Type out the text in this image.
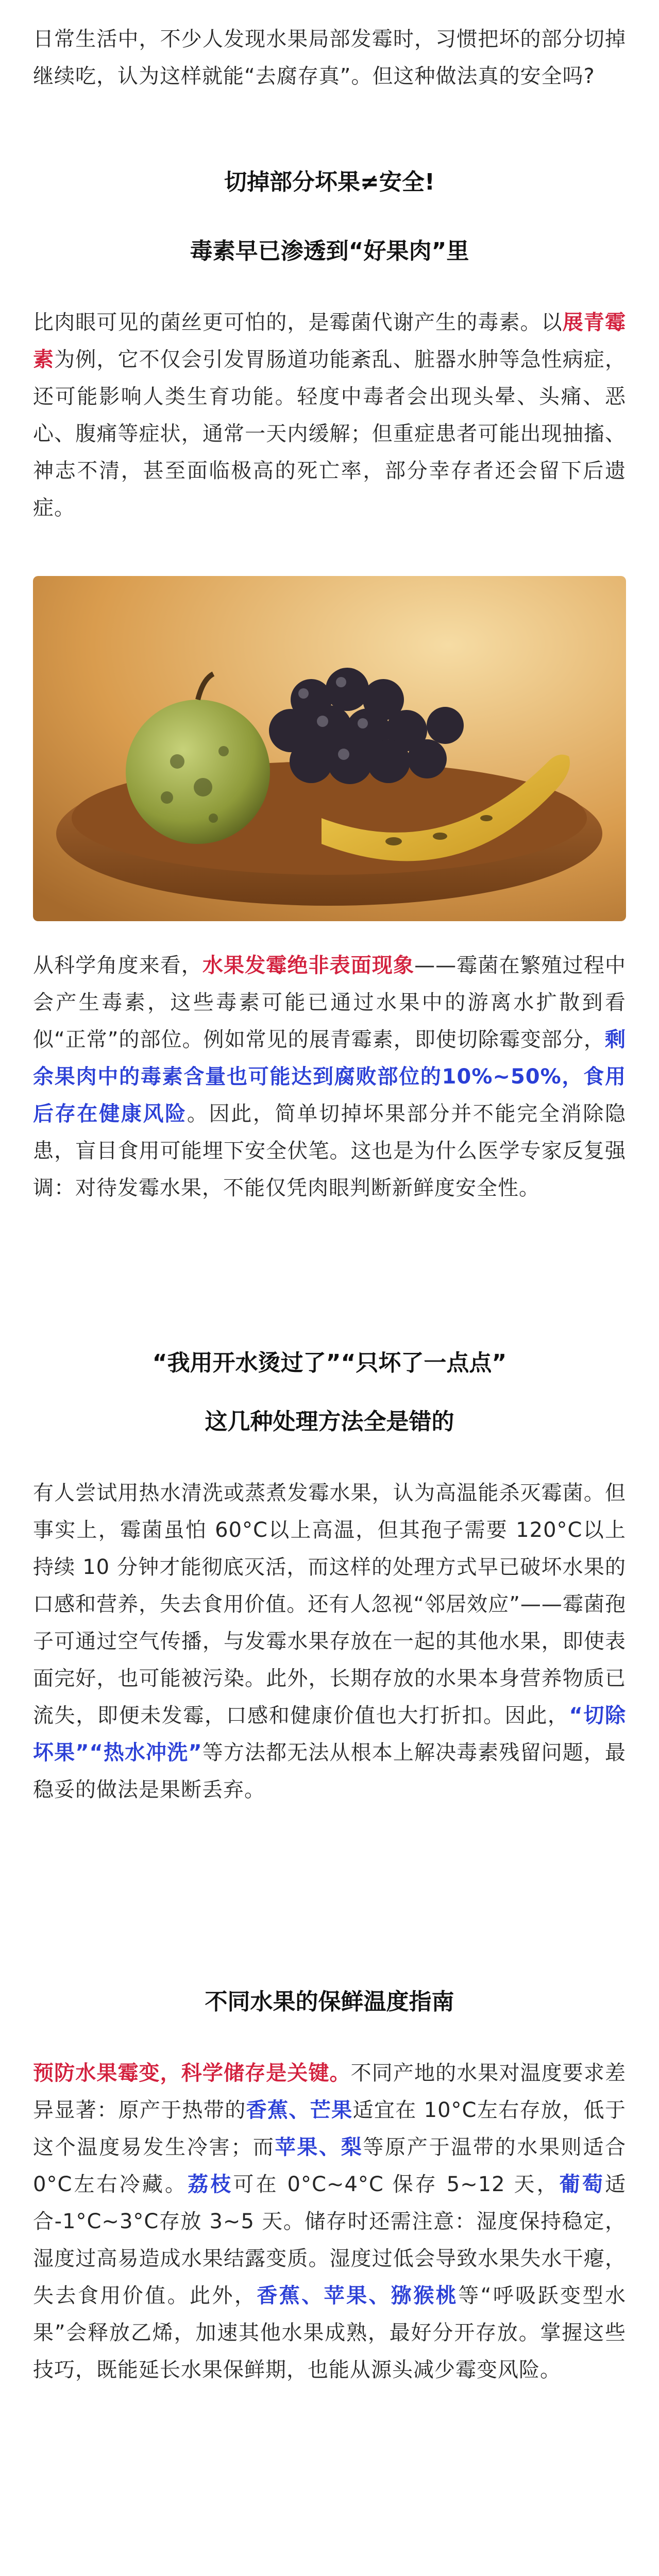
日常生活中，不少人发现水果局部发霉时，习惯把坏的部分切掉继续吃，认为这样就能“去腐存真”。但这种做法真的安全吗?

切掉部分坏果≠安全!
毒素早已渗透到“好果肉”里

比肉眼可见的菌丝更可怕的，是霉菌代谢产生的毒素。以展青霉素为例，它不仅会引发胃肠道功能紊乱、脏器水肿等急性病症，还可能影响人类生育功能。轻度中毒者会出现头晕、头痛、恶心、腹痛等症状，通常一天内缓解；但重症患者可能出现抽搐、神志不清，甚至面临极高的死亡率，部分幸存者还会留下后遗症。

从科学角度来看，水果发霉绝非表面现象——霉菌在繁殖过程中会产生毒素，这些毒素可能已通过水果中的游离水扩散到看似“正常”的部位。例如常见的展青霉素，即使切除霉变部分，剩余果肉中的毒素含量也可能达到腐败部位的10%~50%，食用后存在健康风险。因此，简单切掉坏果部分并不能完全消除隐患，盲目食用可能埋下安全伏笔。这也是为什么医学专家反复强调：对待发霉水果，不能仅凭肉眼判断新鲜度安全性。

“我用开水烫过了”“只坏了一点点”
这几种处理方法全是错的

有人尝试用热水清洗或蒸煮发霉水果，认为高温能杀灭霉菌。但事实上，霉菌虽怕 60°C以上高温，但其孢子需要 120°C以上持续 10 分钟才能彻底灭活，而这样的处理方式早已破坏水果的口感和营养，失去食用价值。还有人忽视“邻居效应”——霉菌孢子可通过空气传播，与发霉水果存放在一起的其他水果，即使表面完好，也可能被污染。此外，长期存放的水果本身营养物质已流失，即便未发霉，口感和健康价值也大打折扣。因此，“切除坏果”“热水冲洗”等方法都无法从根本上解决毒素残留问题，最稳妥的做法是果断丢弃。

不同水果的保鲜温度指南

预防水果霉变，科学储存是关键。不同产地的水果对温度要求差异显著：原产于热带的香蕉、芒果适宜在 10°C左右存放，低于这个温度易发生冷害；而苹果、梨等原产于温带的水果则适合 0°C左右冷藏。荔枝可在 0°C~4°C 保存 5~12 天，葡萄适合-1°C~3°C存放 3~5 天。储存时还需注意：湿度保持稳定，湿度过高易造成水果结露变质。湿度过低会导致水果失水干瘪，失去食用价值。此外，香蕉、苹果、猕猴桃等“呼吸跃变型水果”会释放乙烯，加速其他水果成熟，最好分开存放。掌握这些技巧，既能延长水果保鲜期，也能从源头减少霉变风险。
